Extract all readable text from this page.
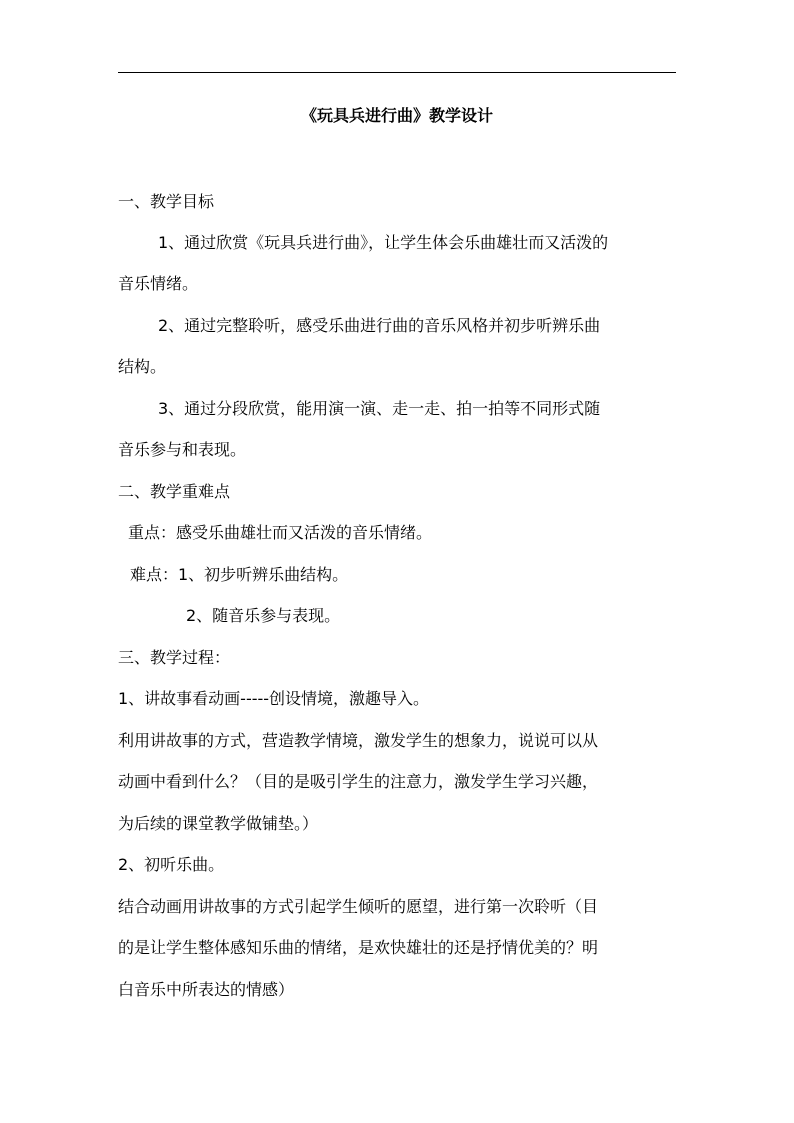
《玩具兵进行曲》教学设计
一、教学目标
1、通过欣赏《玩具兵进行曲》，让学生体会乐曲雄壮而又活泼的
音乐情绪。
2、通过完整聆听，感受乐曲进行曲的音乐风格并初步听辨乐曲
结构。
3、通过分段欣赏，能用演一演、走一走、拍一拍等不同形式随
音乐参与和表现。
二、教学重难点
重点：感受乐曲雄壮而又活泼的音乐情绪。
难点：1、初步听辨乐曲结构。
2、随音乐参与表现。
三、教学过程：
1、讲故事看动画-----创设情境，激趣导入。
利用讲故事的方式，营造教学情境，激发学生的想象力，说说可以从
动画中看到什么？（目的是吸引学生的注意力，激发学生学习兴趣，
为后续的课堂教学做铺垫。）
2、初听乐曲。
结合动画用讲故事的方式引起学生倾听的愿望，进行第一次聆听（目
的是让学生整体感知乐曲的情绪，是欢快雄壮的还是抒情优美的？明
白音乐中所表达的情感）
